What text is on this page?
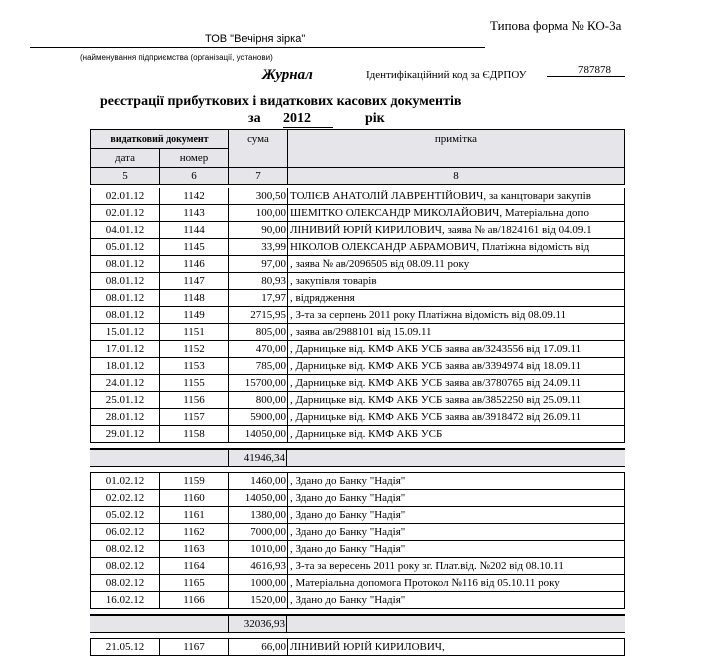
Типова форма № КО-3а
ТОВ "Вечірня зірка"
(найменування підприємства (організації, установи)
Журнал	Ідентифікаційний код за ЄДРПОУ	787878
реєстрації прибуткових і видаткових касових документів
за 2012	рік
видатковий документ
дата	номер
сума	примітка
5	6	7	8
02.01.12	1142	300,50 ТОЛІЄВ АНАТОЛІЙ ЛАВРЕНТІЙОВИЧ, за канцтовари закупів
02.01.12	1143	100,00 ШЕМІТКО ОЛЕКСАНДР МИКОЛАЙОВИЧ, Матеріальна допо
04.01.12	1144	90,00 ЛІНИВИЙ ЮРІЙ КИРИЛОВИЧ, заява № ав/1824161 від 04.09.1
05.01.12	1145	33,99 НІКОЛОВ ОЛЕКСАНДР АБРАМОВИЧ, Платіжна відомість від
08.01.12	1146	97,00 , заява № ав/2096505 від 08.09.11 року
08.01.12	1147	80,93 , закупівля товарів
08.01.12	1148	17,97 , відрядження
08.01.12	1149	2715,95 , З-та за серпень 2011 року Платіжна відомість від 08.09.11
15.01.12	1151	805,00 , заява ав/2988101 від 15.09.11
17.01.12	1152	470,00 , Дарницьке від. КМФ АКБ УСБ заява ав/3243556 від 17.09.11
18.01.12	1153	785,00 , Дарницьке від. КМФ АКБ УСБ заява ав/3394974 від 18.09.11
24.01.12	1155	15700,00 , Дарницьке від. КМФ АКБ УСБ заява ав/3780765 від 24.09.11
25.01.12	1156	800,00 , Дарницьке від. КМФ АКБ УСБ заява ав/3852250 від 25.09.11
28.01.12	1157	5900,00 , Дарницьке від. КМФ АКБ УСБ заява ав/3918472 від 26.09.11
29.01.12	1158	14050,00 , Дарницьке від. КМФ АКБ УСБ
41946,34
01.02.12	1159	1460,00 , Здано до Банку "Надія"
02.02.12	1160	14050,00 , Здано до Банку "Надія"
05.02.12	1161	1380,00 , Здано до Банку "Надія"
06.02.12	1162	7000,00 , Здано до Банку "Надія"
08.02.12	1163	1010,00 , Здано до Банку "Надія"
08.02.12	1164	4616,93 , З-та за вересень 2011 року зг. Плат.від. №202 від 08.10.11
08.02.12	1165	1000,00 , Матеріальна допомога Протокол №116 від 05.10.11 року
16.02.12	1166	1520,00 , Здано до Банку "Надія"
32036,93
21.05.12	1167	66,00 ЛІНИВИЙ ЮРІЙ КИРИЛОВИЧ,
